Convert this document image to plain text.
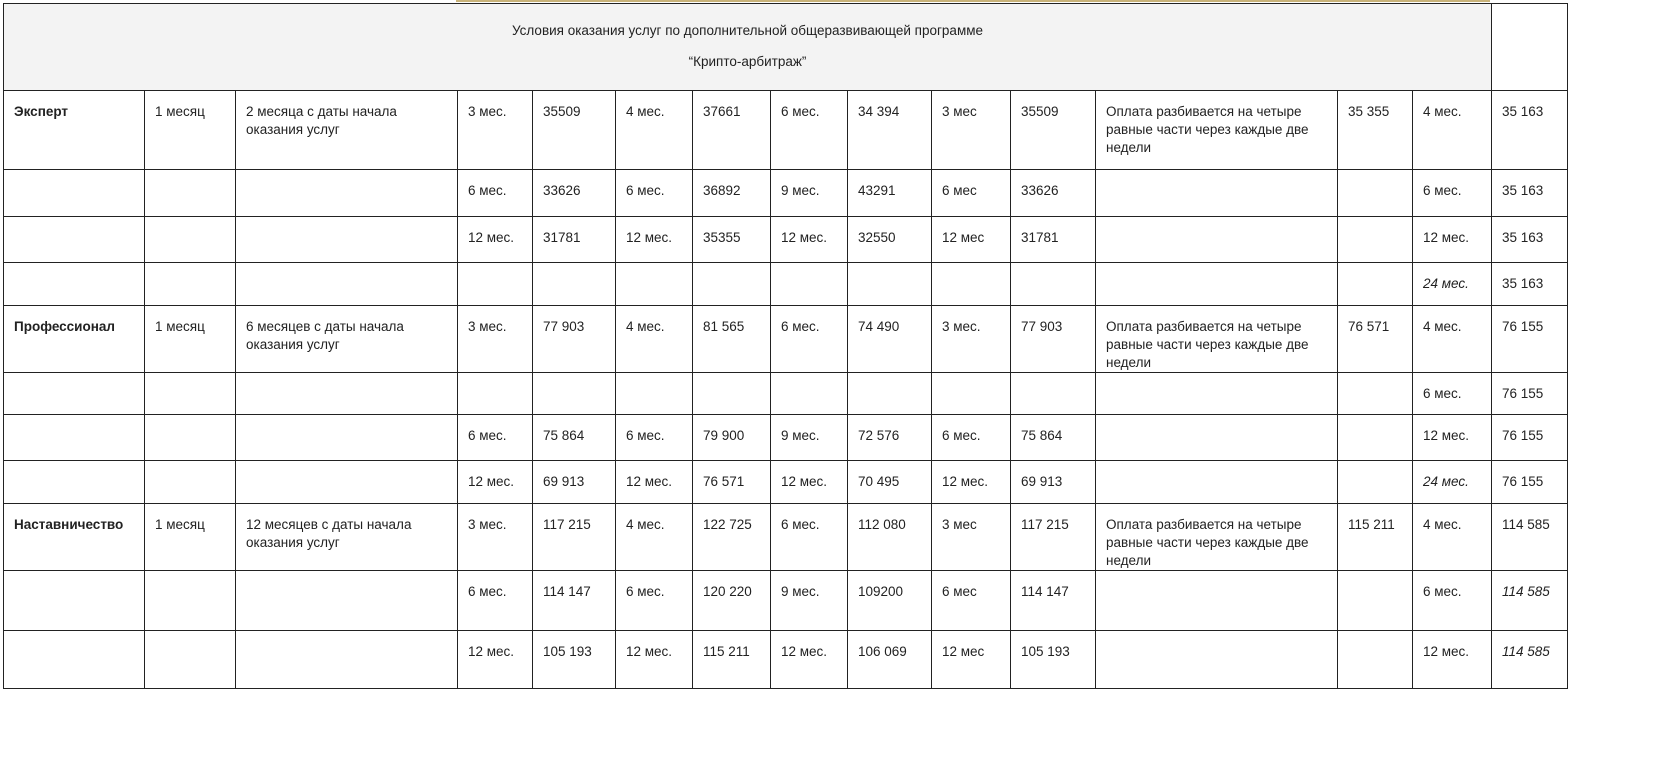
Условия оказания услуг по дополнительной общеразвивающей программе
“Крипто-арбитраж”														

Эксперт	1 месяц	2 месяца с даты начала оказания услуг	3 мес.	35509	4 мес.	37661	6 мес.	34 394	3 мес	35509	Оплата разбивается на четыре равные части через каждые две недели	35 355	4 мес.	35 163

			6 мес.	33626	6 мес.	36892	9 мес.	43291	6 мес	33626			6 мес.	35 163

			12 мес.	31781	12 мес.	35355	12 мес.	32550	12 мес	31781			12 мес.	35 163

													24 мес.	35 163

Профессионал	1 месяц	6 месяцев с даты начала оказания услуг	3 мес.	77 903	4 мес.	81 565	6 мес.	74 490	3 мес.	77 903	Оплата разбивается на четыре равные части через каждые две недели	76 571	4 мес.	76 155

													6 мес.	76 155

			6 мес.	75 864	6 мес.	79 900	9 мес.	72 576	6 мес.	75 864			12 мес.	76 155

			12 мес.	69 913	12 мес.	76 571	12 мес.	70 495	12 мес.	69 913			24 мес.	76 155

Наставничество	1 месяц	12 месяцев с даты начала оказания услуг	3 мес.	117 215	4 мес.	122 725	6 мес.	112 080	3 мес	117 215	Оплата разбивается на четыре равные части через каждые две недели	115 211	4 мес.	114 585

			6 мес.	114 147	6 мес.	120 220	9 мес.	109200	6 мес	114 147			6 мес.	114 585

			12 мес.	105 193	12 мес.	115 211	12 мес.	106 069	12 мес	105 193			12 мес.	114 585
